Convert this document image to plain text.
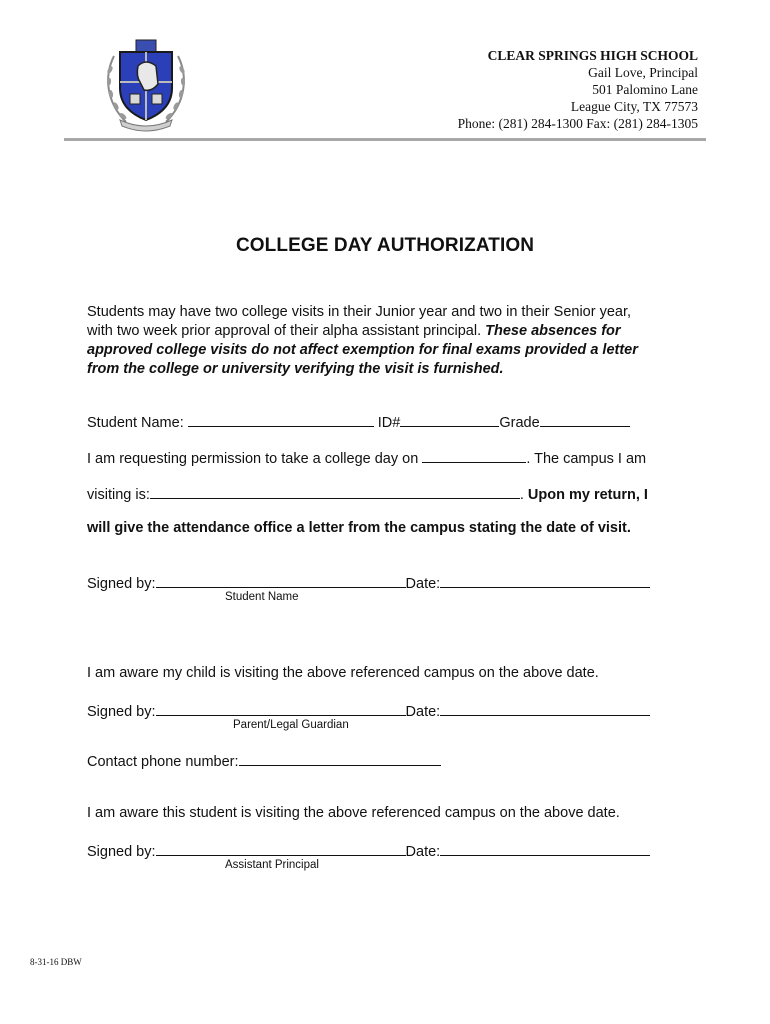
CLEAR SPRINGS HIGH SCHOOL
Gail Love, Principal
501 Palomino Lane
League City, TX 77573
Phone: (281) 284-1300 Fax: (281) 284-1305
COLLEGE DAY AUTHORIZATION
Students may have two college visits in their Junior year and two in their Senior year,
with two week prior approval of their alpha assistant principal. These absences for
approved college visits do not affect exemption for final exams provided a letter
from the college or university verifying the visit is furnished.
Student Name:	ID#	Grade
I am requesting permission to take a college day on	. The campus I am
visiting is:	. Upon my return, I
will give the attendance office a letter from the campus stating the date of visit.
Signed by:	Date:
Student Name
I am aware my child is visiting the above referenced campus on the above date.
Signed by:	Date:
Parent/Legal Guardian
Contact phone number:
I am aware this student is visiting the above referenced campus on the above date.
Signed by:	Date:
Assistant Principal
8-31-16 DBW
